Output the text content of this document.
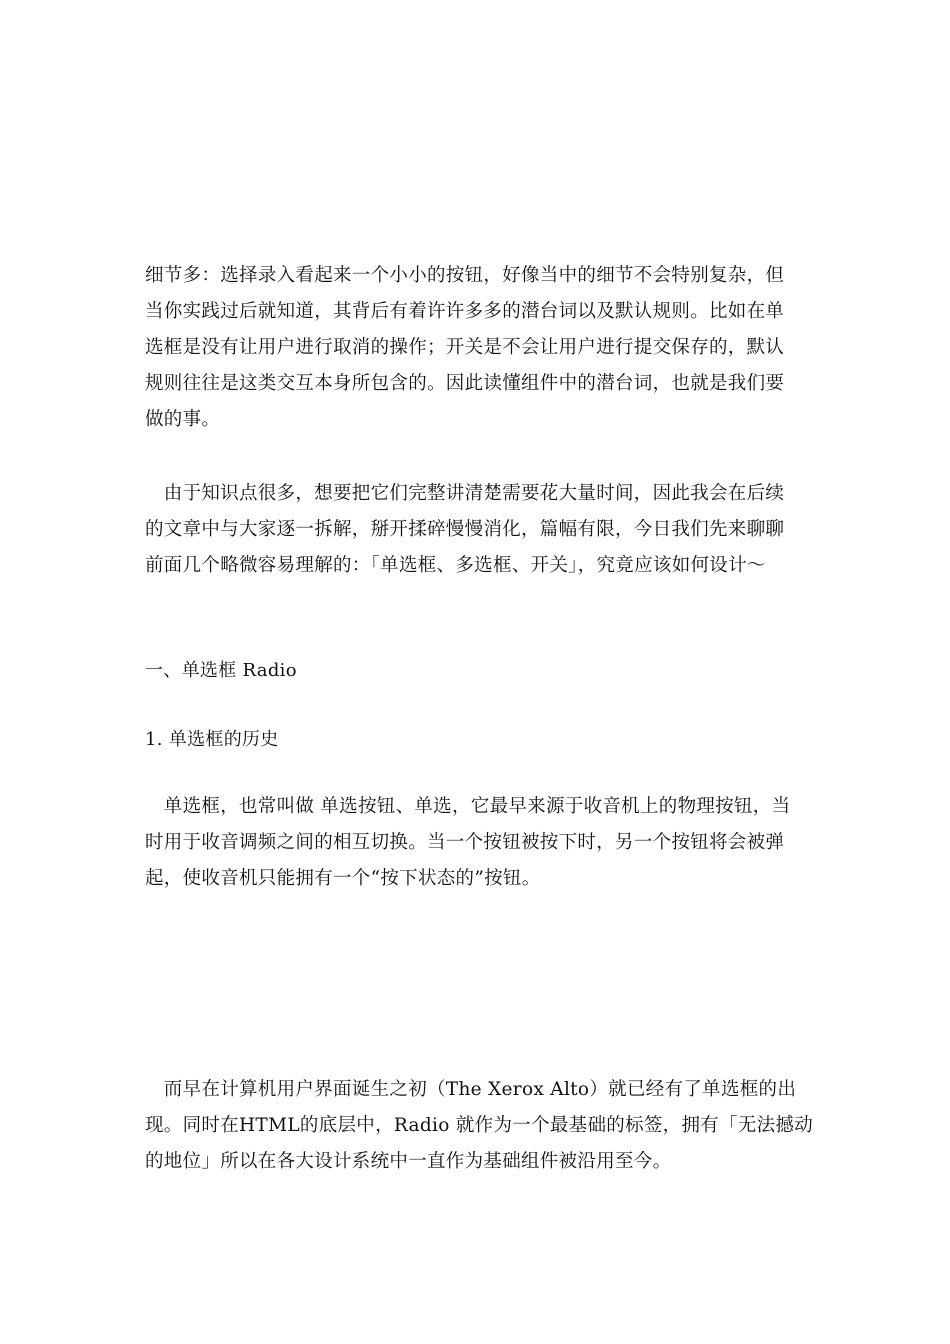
细节多：选择录入看起来一个小小的按钮，好像当中的细节不会特别复杂，但
当你实践过后就知道，其背后有着许许多多的潜台词以及默认规则。比如在单
选框是没有让用户进行取消的操作；开关是不会让用户进行提交保存的，默认
规则往往是这类交互本身所包含的。因此读懂组件中的潜台词，也就是我们要
做的事。

　由于知识点很多，想要把它们完整讲清楚需要花大量时间，因此我会在后续
的文章中与大家逐一拆解，掰开揉碎慢慢消化，篇幅有限，今日我们先来聊聊
前面几个略微容易理解的：「单选框、多选框、开关」，究竟应该如何设计～

一、单选框 Radio
1. 单选框的历史

　单选框，也常叫做 单选按钮、单选，它最早来源于收音机上的物理按钮，当
时用于收音调频之间的相互切换。当一个按钮被按下时，另一个按钮将会被弹
起，使收音机只能拥有一个“按下状态的”按钮。

　而早在计算机用户界面诞生之初（The Xerox Alto）就已经有了单选框的出
现。同时在HTML的底层中，Radio 就作为一个最基础的标签，拥有「无法撼动
的地位」所以在各大设计系统中一直作为基础组件被沿用至今。
